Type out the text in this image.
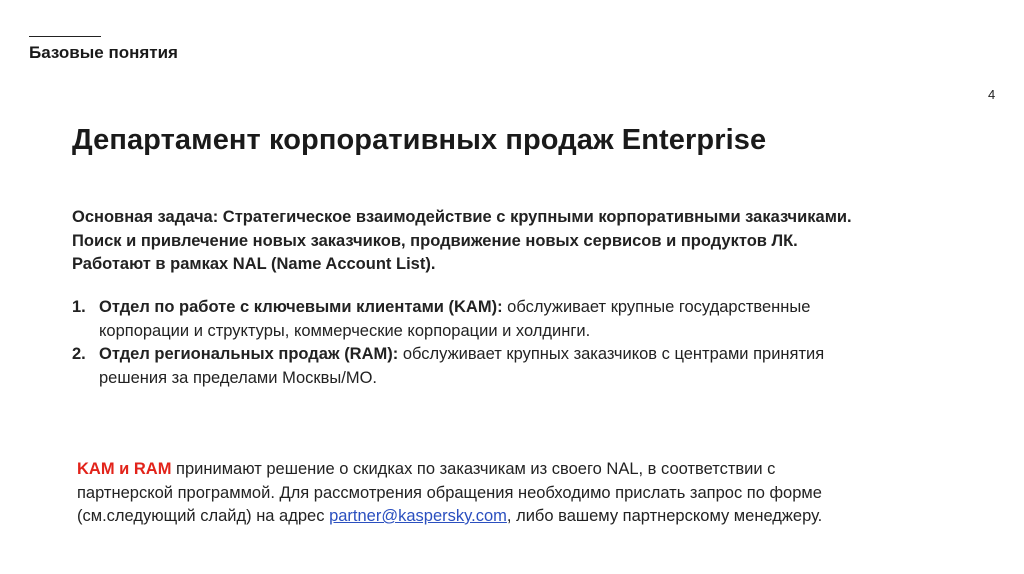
Базовые понятия
4
Департамент корпоративных продаж Enterprise
Основная задача: Стратегическое взаимодействие с крупными корпоративными заказчиками.
Поиск и привлечение новых заказчиков, продвижение новых сервисов и продуктов ЛК.
Работают в рамках NAL (Name Account List).
1. Отдел по работе с ключевыми клиентами (KAM): обслуживает крупные государственные
корпорации и структуры, коммерческие корпорации и холдинги.
2. Отдел региональных продаж (RAM): обслуживает крупных заказчиков с центрами принятия
решения за пределами Москвы/МО.
KAM и RAM принимают решение о скидках по заказчикам из своего NAL, в соответствии с
партнерской программой. Для рассмотрения обращения необходимо прислать запрос по форме
(см.следующий слайд) на адрес partner@kaspersky.com, либо вашему партнерскому менеджеру.
